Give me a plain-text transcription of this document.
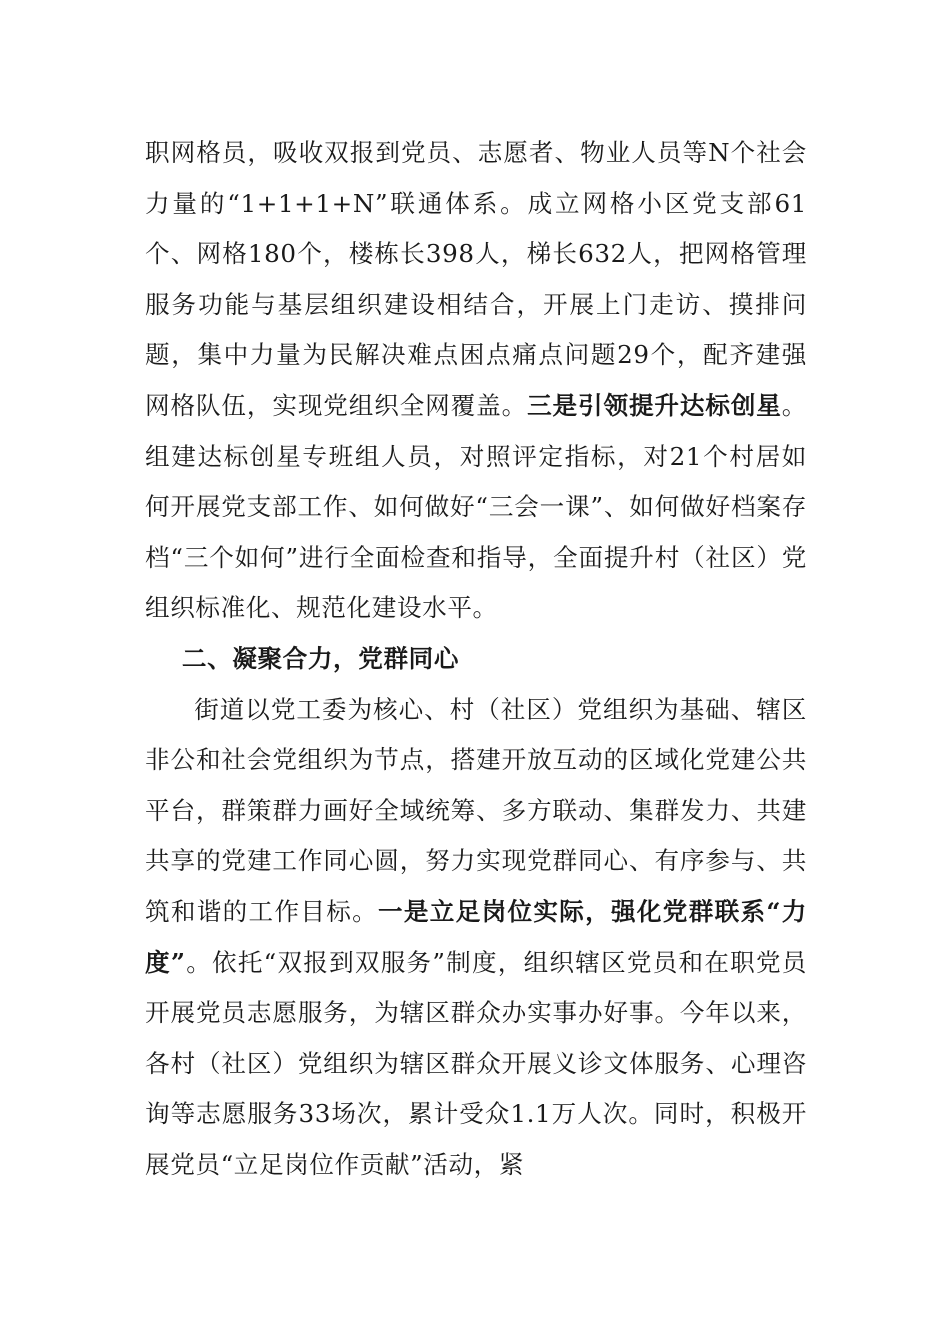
职网格员，吸收双报到党员、志愿者、物业人员等N个社会力量的“1+1+1+N”联通体系。成立网格小区党支部61个、网格180个，楼栋长398人，梯长632人，把网格管理服务功能与基层组织建设相结合，开展上门走访、摸排问题，集中力量为民解决难点困点痛点问题29个，配齐建强网格队伍，实现党组织全网覆盖。三是引领提升达标创星。组建达标创星专班组人员，对照评定指标，对21个村居如何开展党支部工作、如何做好“三会一课”、如何做好档案存档“三个如何”进行全面检查和指导，全面提升村（社区）党组织标准化、规范化建设水平。

二、凝聚合力，党群同心

街道以党工委为核心、村（社区）党组织为基础、辖区非公和社会党组织为节点，搭建开放互动的区域化党建公共平台，群策群力画好全域统筹、多方联动、集群发力、共建共享的党建工作同心圆，努力实现党群同心、有序参与、共筑和谐的工作目标。一是立足岗位实际，强化党群联系“力度”。依托“双报到双服务”制度，组织辖区党员和在职党员开展党员志愿服务，为辖区群众办实事办好事。今年以来，各村（社区）党组织为辖区群众开展义诊文体服务、心理咨询等志愿服务33场次，累计受众1.1万人次。同时，积极开展党员“立足岗位作贡献”活动，紧
